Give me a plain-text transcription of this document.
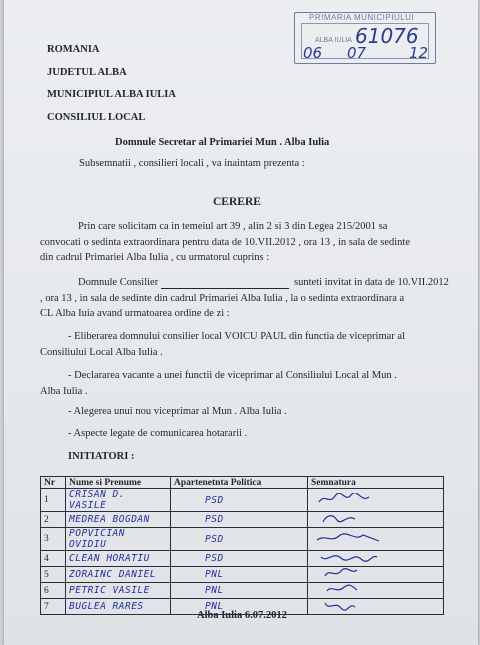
PRIMARIA MUNICIPIULUI
ALBA IULIA 61076
06 07	12
ROMANIA
JUDETUL ALBA
MUNICIPIUL ALBA IULIA
CONSILIUL LOCAL
Domnule Secretar al Primariei Mun . Alba Iulia
Subsemnatii , consilieri locali , va inaintam prezenta :
CERERE
Prin care solicitam ca in temeiul art 39 , alin 2 si 3 din Legea 215/2001 sa
convocati o sedinta extraordinara pentru data de 10.VII.2012 , ora 13 , in sala de sedinte
din cadrul Primariei Alba Iulia , cu urmatorul cuprins :
Domnule Consilier	sunteti invitat in data de 10.VII.2012
, ora 13 , in sala de sedinte din cadrul Primariei Alba Iulia , la o sedinta extraordinara a
CL Alba Iuia avand urmatoarea ordine de zi :
- Eliberarea domnului consilier local VOICU PAUL din functia de viceprimar al
Consiliului Local Alba Iulia .
- Declararea vacante a unei functii de viceprimar al Consiliului Local al Mun .
Alba Iulia .
- Alegerea unui nou viceprimar al Mun . Alba Iulia .
- Aspecte legate de comunicarea hotararii .
INITIATORI :
Nr	Nume si Prenume	Apartenetnta Politica	Semnatura
1	CRISAN D. VASILE	PSD	
2	MEDREA BOGDAN	PSD	
3	POPVICIAN OVIDIU	PSD	
4	CLEAN HORATIU	PSD	
5	ZORAINC DANIEL	PNL	
6	PETRIC VASILE	PNL	
7	BUGLEA RARES	PNL	
Alba Iulia 6.07.2012
